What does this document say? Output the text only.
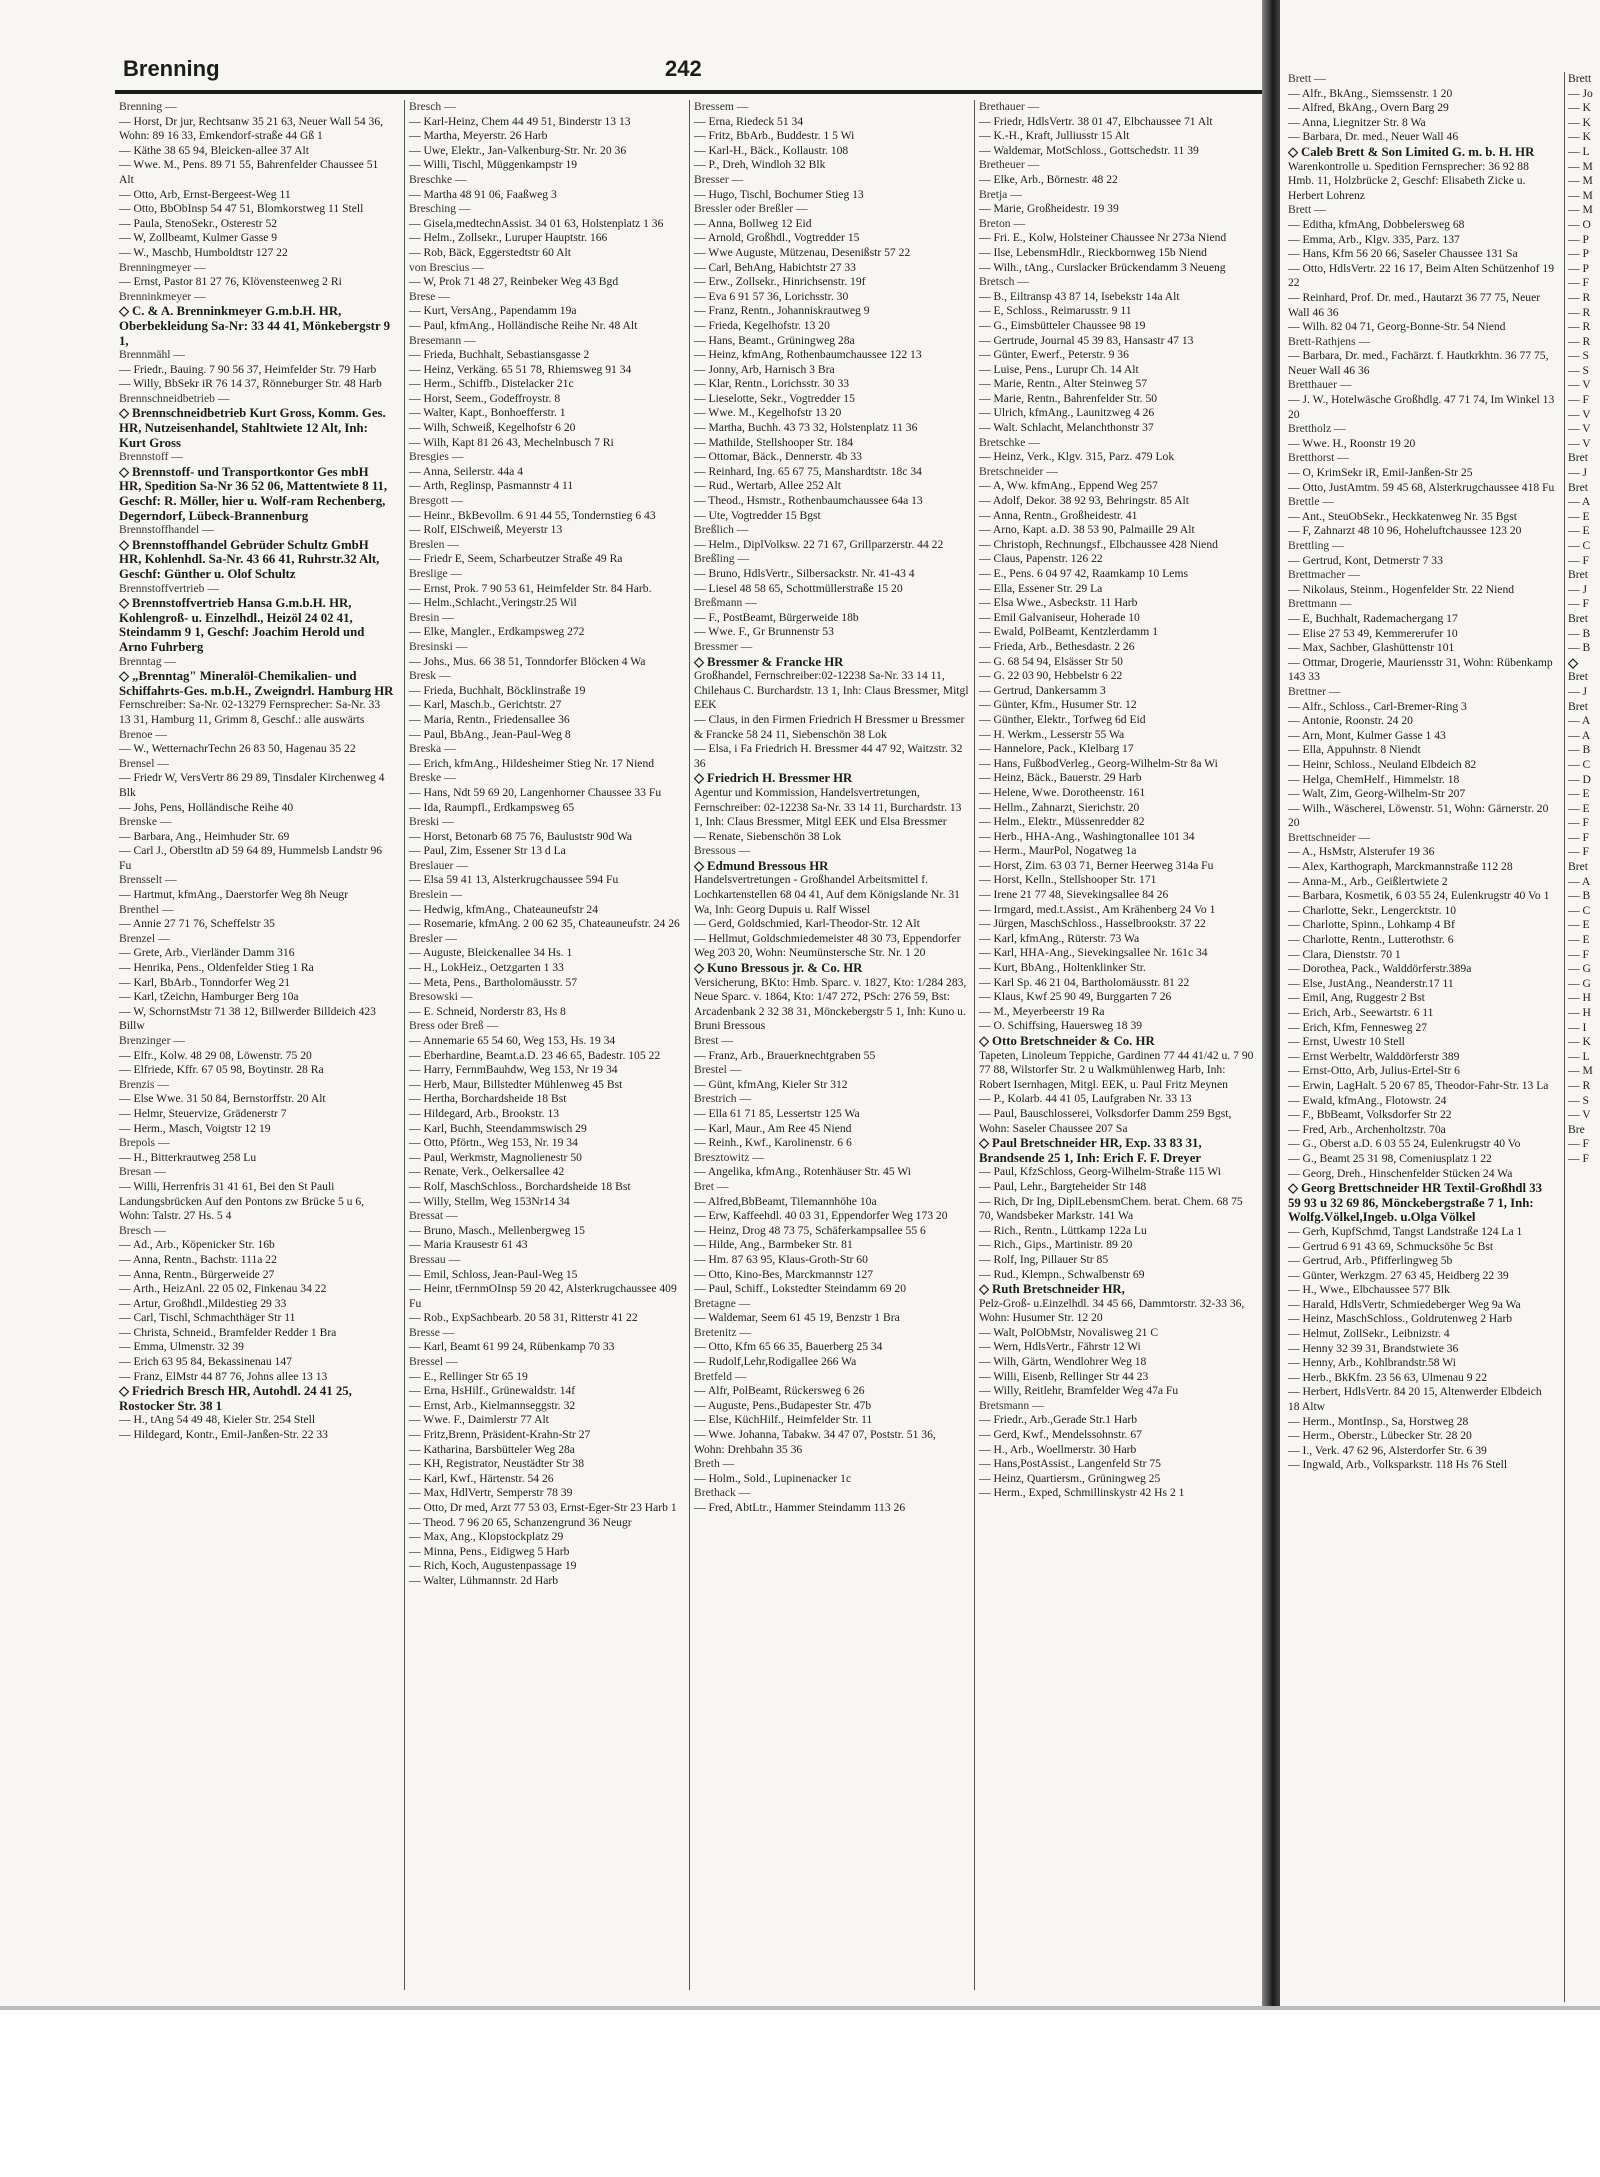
Brenning	242
Brenning —
— Horst, Dr jur, Rechtsanw 35 21 63, Neuer Wall 54 36,
Wohn: 89 16 33, Emkendorf-straße 44 Gß 1
— Käthe 38 65 94, Bleicken-allee 37 Alt
— Wwe. M., Pens. 89 71 55, Bahrenfelder Chaussee 51 Alt
— Otto, Arb, Ernst-Bergeest-Weg 11
— Otto, BbObInsp 54 47 51, Blomkorstweg 11 Stell
— Paula, StenoSekr., Osterestr 52
— W, Zollbeamt, Kulmer Gasse 9
— W., Maschb, Humboldtstr 127 22
Brenningmeyer —
— Ernst, Pastor 81 27 76, Klövensteenweg 2 Ri
Brenninkmeyer —
◇ C. & A. Brenninkmeyer G.m.b.H. HR, Oberbekleidung Sa-Nr: 33 44 41, Mönkebergstr 9 1,
Brennmähl —
— Friedr., Bauing. 7 90 56 37, Heimfelder Str. 79 Harb
— Willy, BbSekr iR 76 14 37, Rönneburger Str. 48 Harb
Brennschneidbetrieb —
◇ Brennschneidbetrieb Kurt Gross, Komm. Ges. HR, Nutzeisenhandel, Stahltwiete 12 Alt, Inh: Kurt Gross
Brennstoff —
◇ Brennstoff- und Transportkontor Ges mbH HR, Spedition Sa-Nr 36 52 06, Mattentwiete 8 11, Geschf: R. Möller, hier u. Wolf-ram Rechenberg, Degerndorf, Lübeck-Brannenburg
Brennstoffhandel —
◇ Brennstoffhandel Gebrüder Schultz GmbH HR, Kohlenhdl. Sa-Nr. 43 66 41, Ruhrstr.32 Alt, Geschf: Günther u. Olof Schultz
Brennstoffvertrieb —
◇ Brennstoffvertrieb Hansa G.m.b.H. HR, Kohlengroß- u. Einzelhdl., Heizöl 24 02 41, Steindamm 9 1, Geschf: Joachim Herold und Arno Fuhrberg
Brenntag —
◇ „Brenntag" Mineralöl-Chemikalien- und Schiffahrts-Ges. m.b.H., Zweigndrl. Hamburg HR
Fernschreiber: Sa-Nr. 02-13279 Fernsprecher: Sa-Nr. 33 13 31, Hamburg 11, Grimm 8, Geschf.: alle auswärts
Brenoe —
— W., WetternachrTechn 26 83 50, Hagenau 35 22
Brensel —
— Friedr W, VersVertr 86 29 89, Tinsdaler Kirchenweg 4 Blk
— Johs, Pens, Holländische Reihe 40
Brenske —
— Barbara, Ang., Heimhuder Str. 69
— Carl J., Oberstltn aD 59 64 89, Hummelsb Landstr 96 Fu
Brensselt —
— Hartmut, kfmAng., Daerstorfer Weg 8h Neugr
Brenthel —
— Annie 27 71 76, Scheffelstr 35
Brenzel —
— Grete, Arb., Vierländer Damm 316
— Henrika, Pens., Oldenfelder Stieg 1 Ra
— Karl, BbArb., Tonndorfer Weg 21
— Karl, tZeichn, Hamburger Berg 10a
— W, SchornstMstr 71 38 12, Billwerder Billdeich 423 Billw
Brenzinger —
— Elfr., Kolw. 48 29 08, Löwenstr. 75 20
— Elfriede, Kffr. 67 05 98, Boytinstr. 28 Ra
Brenzis —
— Else Wwe. 31 50 84, Bernstorffstr. 20 Alt
— Helmr, Steuervize, Grädenerstr 7
— Herm., Masch, Voigtstr 12 19
Brepols —
— H., Bitterkrautweg 258 Lu
Bresan —
— Willi, Herrenfris 31 41 61, Bei den St Pauli Landungsbrücken Auf den Pontons zw Brücke 5 u 6, Wohn: Talstr. 27 Hs. 5 4
Bresch —
— Ad., Arb., Köpenicker Str. 16b
— Anna, Rentn., Bachstr. 111a 22
— Anna, Rentn., Bürgerweide 27
— Arth., HeizAnl. 22 05 02, Finkenau 34 22
— Artur, Großhdl.,Mildestieg 29 33
— Carl, Tischl, Schmachthäger Str 11
— Christa, Schneid., Bramfelder Redder 1 Bra
— Emma, Ulmenstr. 32 39
— Erich 63 95 84, Bekassinenau 147
— Franz, ElMstr 44 87 76, Johns allee 13 13
◇ Friedrich Bresch HR, Autohdl. 24 41 25, Rostocker Str. 38 1
— H., tAng 54 49 48, Kieler Str. 254 Stell
— Hildegard, Kontr., Emil-Janßen-Str. 22 33
Bresch —
— Karl-Heinz, Chem 44 49 51, Binderstr 13 13
— Martha, Meyerstr. 26 Harb
— Uwe, Elektr., Jan-Valkenburg-Str. Nr. 20 36
— Willi, Tischl, Müggenkampstr 19
Breschke —
— Martha 48 91 06, Faaßweg 3
Bresching —
— Gisela,medtechnAssist. 34 01 63, Holstenplatz 1 36
— Helm., Zollsekr., Luruper Hauptstr. 166
— Rob, Bäck, Eggerstedtstr 60 Alt
von Brescius —
— W, Prok 71 48 27, Reinbeker Weg 43 Bgd
Brese —
— Kurt, VersAng., Papendamm 19a
— Paul, kfmAng., Holländische Reihe Nr. 48 Alt
Bresemann —
— Frieda, Buchhalt, Sebastiansgasse 2
— Heinz, Verkäng. 65 51 78, Rhiemsweg 91 34
— Herm., Schiffb., Distelacker 21c
— Horst, Seem., Godeffroystr. 8
— Walter, Kapt., Bonhoefferstr. 1
— Wilh, Schweiß, Kegelhofstr 6 20
— Wilh, Kapt 81 26 43, Mechelnbusch 7 Ri
Bresgies —
— Anna, Seilerstr. 44a 4
— Arth, Reglinsp, Pasmannstr 4 11
Bresgott —
— Heinr., BkBevollm. 6 91 44 55, Tondernstieg 6 43
— Rolf, ElSchweiß, Meyerstr 13
Breslen —
— Friedr E, Seem, Scharbeutzer Straße 49 Ra
Breslige —
— Ernst, Prok. 7 90 53 61, Heimfelder Str. 84 Harb.
— Helm.,Schlacht.,Veringstr.25 Wil
Bresin —
— Elke, Mangler., Erdkampsweg 272
Bresinski —
— Johs., Mus. 66 38 51, Tonndorfer Blöcken 4 Wa
Bresk —
— Frieda, Buchhalt, Böcklinstraße 19
— Karl, Masch.b., Gerichtstr. 27
— Maria, Rentn., Friedensallee 36
— Paul, BbAng., Jean-Paul-Weg 8
Breska —
— Erich, kfmAng., Hildesheimer Stieg Nr. 17 Niend
Breske —
— Hans, Ndt 59 69 20, Langenhorner Chaussee 33 Fu
— Ida, Raumpfl., Erdkampsweg 65
Breski —
— Horst, Betonarb 68 75 76, Bauluststr 90d Wa
— Paul, Zim, Essener Str 13 d La
Breslauer —
— Elsa 59 41 13, Alsterkrugchaussee 594 Fu
Breslein —
— Hedwig, kfmAng., Chateauneufstr 24
— Rosemarie, kfmAng. 2 00 62 35, Chateauneufstr. 24 26
Bresler —
— Auguste, Bleickenallee 34 Hs. 1
— H., LokHeiz., Oetzgarten 1 33
— Meta, Pens., Bartholomäusstr. 57
Bresowski —
— E. Schneid, Norderstr 83, Hs 8
Bress oder Breß —
— Annemarie 65 54 60, Weg 153, Hs. 19 34
— Eberhardine, Beamt.a.D. 23 46 65, Badestr. 105 22
— Harry, FernmBauhdw, Weg 153, Nr 19 34
— Herb, Maur, Billstedter Mühlenweg 45 Bst
— Hertha, Borchardsheide 18 Bst
— Hildegard, Arb., Brookstr. 13
— Karl, Buchh, Steendammswisch 29
— Otto, Pförtn., Weg 153, Nr. 19 34
— Paul, Werkmstr, Magnolienestr 50
— Renate, Verk., Oelkersallee 42
— Rolf, MaschSchloss., Borchardsheide 18 Bst
— Willy, Stellm, Weg 153Nr14 34
Bressat —
— Bruno, Masch., Mellenbergweg 15
— Maria Krausestr 61 43
Bressau —
— Emil, Schloss, Jean-Paul-Weg 15
— Heinr, tFernmOInsp 59 20 42, Alsterkrugchaussee 409 Fu
— Rob., ExpSachbearb. 20 58 31, Ritterstr 41 22
Bresse —
— Karl, Beamt 61 99 24, Rübenkamp 70 33
Bressel —
— E., Rellinger Str 65 19
— Erna, HsHilf., Grünewaldstr. 14f
— Ernst, Arb., Kielmannseggstr. 32
— Wwe. F., Daimlerstr 77 Alt
— Fritz,Brenn, Präsident-Krahn-Str 27
— Katharina, Barsbütteler Weg 28a
— KH, Registrator, Neustädter Str 38
— Karl, Kwf., Härtenstr. 54 26
— Max, HdlVertr, Semperstr 78 39
— Otto, Dr med, Arzt 77 53 03, Ernst-Eger-Str 23 Harb 1
— Theod. 7 96 20 65, Schanzengrund 36 Neugr
— Max, Ang., Klopstockplatz 29
— Minna, Pens., Eidigweg 5 Harb
— Rich, Koch, Augustenpassage 19
— Walter, Lühmannstr. 2d Harb
Bressem —
— Erna, Riedeck 51 34
— Fritz, BbArb., Buddestr. 1 5 Wi
— Karl-H., Bäck., Kollaustr. 108
— P., Dreh, Windloh 32 Blk
Bresser —
— Hugo, Tischl, Bochumer Stieg 13
Bressler oder Breßler —
— Anna, Bollweg 12 Eid
— Arnold, Großhdl., Vogtredder 15
— Wwe Auguste, Mützenau, Desenißstr 57 22
— Carl, BehAng, Habichtstr 27 33
— Erw., Zollsekr., Hinrichsenstr. 19f
— Eva 6 91 57 36, Lorichsstr. 30
— Franz, Rentn., Johanniskrautweg 9
— Frieda, Kegelhofstr. 13 20
— Hans, Beamt., Grüningweg 28a
— Heinz, kfmAng, Rothenbaumchaussee 122 13
— Jonny, Arb, Harnisch 3 Bra
— Klar, Rentn., Lorichsstr. 30 33
— Lieselotte, Sekr., Vogtredder 15
— Wwe. M., Kegelhofstr 13 20
— Martha, Buchh. 43 73 32, Holstenplatz 11 36
— Mathilde, Stellshooper Str. 184
— Ottomar, Bäck., Dennerstr. 4b 33
— Reinhard, Ing. 65 67 75, Manshardtstr. 18c 34
— Rud., Wertarb, Allee 252 Alt
— Theod., Hsmstr., Rothenbaumchaussee 64a 13
— Ute, Vogtredder 15 Bgst
Breßlich —
— Helm., DiplVolksw. 22 71 67, Grillparzerstr. 44 22
Breßling —
— Bruno, HdlsVertr., Silbersackstr. Nr. 41-43 4
— Liesel 48 58 65, Schottmüllerstraße 15 20
Breßmann —
— F., PostBeamt, Bürgerweide 18b
— Wwe. F., Gr Brunnenstr 53
Bressmer —
◇ Bressmer & Francke HR
Großhandel, Fernschreiber:02-12238 Sa-Nr. 33 14 11, Chilehaus C. Burchardstr. 13 1, Inh: Claus Bressmer, Mitgl EEK
— Claus, in den Firmen Friedrich H Bressmer u Bressmer & Francke 58 24 11, Siebenschön 38 Lok
— Elsa, i Fa Friedrich H. Bressmer 44 47 92, Waitzstr. 32 36
◇ Friedrich H. Bressmer HR
Agentur und Kommission, Handelsvertretungen, Fernschreiber: 02-12238 Sa-Nr. 33 14 11, Burchardstr. 13 1, Inh: Claus Bressmer, Mitgl EEK und Elsa Bressmer
— Renate, Siebenschön 38 Lok
Bressous —
◇ Edmund Bressous HR
Handelsvertretungen - Großhandel Arbeitsmittel f. Lochkartenstellen 68 04 41, Auf dem Königslande Nr. 31 Wa, Inh: Georg Dupuis u. Ralf Wissel
— Gerd, Goldschmied, Karl-Theodor-Str. 12 Alt
— Hellmut, Goldschmiedemeister 48 30 73, Eppendorfer Weg 203 20, Wohn: Neumünstersche Str. Nr. 1 20
◇ Kuno Bressous jr. & Co. HR
Versicherung, BKto: Hmb. Sparc. v. 1827, Kto: 1/284 283, Neue Sparc. v. 1864, Kto: 1/47 272, PSch: 276 59, Bst: Arcadenbank 2 32 38 31, Mönckebergstr 5 1, Inh: Kuno u. Bruni Bressous
Brest —
— Franz, Arb., Brauerknechtgraben 55
Brestel —
— Günt, kfmAng, Kieler Str 312
Brestrich —
— Ella 61 71 85, Lessertstr 125 Wa
— Karl, Maur., Am Ree 45 Niend
— Reinh., Kwf., Karolinenstr. 6 6
Bresztowitz —
— Angelika, kfmAng., Rotenhäuser Str. 45 Wi
Bret —
— Alfred,BbBeamt, Tilemannhöhe 10a
— Erw, Kaffeehdl. 40 03 31, Eppendorfer Weg 173 20
— Heinz, Drog 48 73 75, Schäferkampsallee 55 6
— Hilde, Ang., Barmbeker Str. 81
— Hm. 87 63 95, Klaus-Groth-Str 60
— Otto, Kino-Bes, Marckmannstr 127
— Paul, Schiff., Lokstedter Steindamm 69 20
Bretagne —
— Waldemar, Seem 61 45 19, Benzstr 1 Bra
Bretenitz —
— Otto, Kfm 65 66 35, Bauerberg 25 34
— Rudolf,Lehr,Rodigallee 266 Wa
Bretfeld —
— Alfr, PolBeamt, Rückersweg 6 26
— Auguste, Pens.,Budapester Str. 47b
— Else, KüchHilf., Heimfelder Str. 11
— Wwe. Johanna, Tabakw. 34 47 07, Poststr. 51 36, Wohn: Drehbahn 35 36
Breth —
— Holm., Sold., Lupinenacker 1c
Brethack —
— Fred, AbtLtr., Hammer Steindamm 113 26
Brethauer —
— Friedr, HdlsVertr. 38 01 47, Elbchaussee 71 Alt
— K.-H., Kraft, Julliusstr 15 Alt
— Waldemar, MotSchloss., Gottschedstr. 11 39
Bretheuer —
— Elke, Arb., Börnestr. 48 22
Bretja —
— Marie, Großheidestr. 19 39
Breton —
— Fri. E., Kolw, Holsteiner Chaussee Nr 273a Niend
— Ilse, LebensmHdlr., Rieckbornweg 15b Niend
— Wilh., tAng., Curslacker Brückendamm 3 Neueng
Bretsch —
— B., Eiltransp 43 87 14, Isebekstr 14a Alt
— E, Schloss., Reimarusstr. 9 11
— G., Eimsbütteler Chaussee 98 19
— Gertrude, Journal 45 39 83, Hansastr 47 13
— Günter, Ewerf., Peterstr. 9 36
— Luise, Pens., Lurupr Ch. 14 Alt
— Marie, Rentn., Alter Steinweg 57
— Marie, Rentn., Bahrenfelder Str. 50
— Ulrich, kfmAng., Launitzweg 4 26
— Walt. Schlacht, Melanchthonstr 37
Bretschke —
— Heinz, Verk., Klgv. 315, Parz. 479 Lok
Bretschneider —
— A, Ww. kfmAng., Eppend Weg 257
— Adolf, Dekor. 38 92 93, Behringstr. 85 Alt
— Anna, Rentn., Großheidestr. 41
— Arno, Kapt. a.D. 38 53 90, Palmaille 29 Alt
— Christoph, Rechnungsf., Elbchaussee 428 Niend
— Claus, Papenstr. 126 22
— E., Pens. 6 04 97 42, Raamkamp 10 Lems
— Ella, Essener Str. 29 La
— Elsa Wwe., Asbeckstr. 11 Harb
— Emil Galvaniseur, Hoherade 10
— Ewald, PolBeamt, Kentzlerdamm 1
— Frieda, Arb., Bethesdastr. 2 26
— G. 68 54 94, Elsässer Str 50
— G. 22 03 90, Hebbelstr 6 22
— Gertrud, Dankersamm 3
— Günter, Kfm., Husumer Str. 12
— Günther, Elektr., Torfweg 6d Eid
— H. Werkm., Lesserstr 55 Wa
— Hannelore, Pack., Klelbarg 17
— Hans, FußbodVerleg., Georg-Wilhelm-Str 8a Wi
— Heinz, Bäck., Bauerstr. 29 Harb
— Helene, Wwe. Dorotheenstr. 161
— Hellm., Zahnarzt, Sierichstr. 20
— Helm., Elektr., Müssenredder 82
— Herb., HHA-Ang., Washingtonallee 101 34
— Herm., MaurPol, Nogatweg 1a
— Horst, Zim. 63 03 71, Berner Heerweg 314a Fu
— Horst, Kelln., Stellshooper Str. 171
— Irene 21 77 48, Sievekingsallee 84 26
— Irmgard, med.t.Assist., Am Krähenberg 24 Vo 1
— Jürgen, MaschSchloss., Hasselbrookstr. 37 22
— Karl, kfmAng., Rüterstr. 73 Wa
— Karl, HHA-Ang., Sievekingsallee Nr. 161c 34
— Kurt, BbAng., Holtenklinker Str.
— Karl Sp. 46 21 04, Bartholomäusstr. 81 22
— Klaus, Kwf 25 90 49, Burggarten 7 26
— M., Meyerbeerstr 19 Ra
— O. Schiffsing, Hauersweg 18 39
◇ Otto Bretschneider & Co. HR
Tapeten, Linoleum Teppiche, Gardinen 77 44 41/42 u. 7 90 77 88, Wilstorfer Str. 2 u Walkmühlenweg Harb, Inh: Robert Isernhagen, Mitgl. EEK, u. Paul Fritz Meynen
— P., Kolarb. 44 41 05, Laufgraben Nr. 33 13
— Paul, Bauschlosserei, Volksdorfer Damm 259 Bgst, Wohn: Saseler Chaussee 207 Sa
◇ Paul Bretschneider HR, Exp. 33 83 31, Brandsende 25 1, Inh: Erich F. F. Dreyer
— Paul, KfzSchloss, Georg-Wilhelm-Straße 115 Wi
— Paul, Lehr., Bargteheider Str 148
— Rich, Dr Ing, DiplLebensmChem. berat. Chem. 68 75 70, Wandsbeker Markstr. 141 Wa
— Rich., Rentn., Lüttkamp 122a Lu
— Rich., Gips., Martinistr. 89 20
— Rolf, Ing, Pillauer Str 85
— Rud., Klempn., Schwalbenstr 69
◇ Ruth Bretschneider HR,
Pelz-Groß- u.Einzelhdl. 34 45 66, Dammtorstr. 32-33 36, Wohn: Husumer Str. 12 20
— Walt, PolObMstr, Novalisweg 21 C
— Wern, HdlsVertr., Fährstr 12 Wi
— Wilh, Gärtn, Wendlohrer Weg 18
— Willi, Eisenb, Rellinger Str 44 23
— Willy, Reitlehr, Bramfelder Weg 47a Fu
Bretsmann —
— Friedr., Arb.,Gerade Str.1 Harb
— Gerd, Kwf., Mendelssohnstr. 67
— H., Arb., Woellmerstr. 30 Harb
— Hans,PostAssist., Langenfeld Str 75
— Heinz, Quartiersm., Grüningweg 25
— Herm., Exped, Schmillinskystr 42 Hs 2 1
Brett —
— Alfr., BkAng., Siemssenstr. 1 20
— Alfred, BkAng., Overn Barg 29
— Anna, Liegnitzer Str. 8 Wa
— Barbara, Dr. med., Neuer Wall 46
◇ Caleb Brett & Son Limited G. m. b. H. HR
Warenkontrolle u. Spedition Fernsprecher: 36 92 88 Hmb. 11, Holzbrücke 2, Geschf: Elisabeth Zicke u. Herbert Lohrenz
Brett —
— Editha, kfmAng, Dobbelersweg 68
— Emma, Arb., Klgv. 335, Parz. 137
— Hans, Kfm 56 20 66, Saseler Chaussee 131 Sa
— Otto, HdlsVertr. 22 16 17, Beim Alten Schützenhof 19 22
— Reinhard, Prof. Dr. med., Hautarzt 36 77 75, Neuer Wall 46 36
— Wilh. 82 04 71, Georg-Bonne-Str. 54 Niend
Brett-Rathjens —
— Barbara, Dr. med., Fachärzt. f. Hautkrkhtn. 36 77 75, Neuer Wall 46 36
Bretthauer —
— J. W., Hotelwäsche Großhdlg. 47 71 74, Im Winkel 13 20
Brettholz —
— Wwe. H., Roonstr 19 20
Bretthorst —
— O, KrimSekr iR, Emil-Janßen-Str 25
— Otto, JustAmtm. 59 45 68, Alsterkrugchaussee 418 Fu
Brettle —
— Ant., SteuObSekr., Heckkatenweg Nr. 35 Bgst
— F, Zahnarzt 48 10 96, Hoheluftchaussee 123 20
Brettling —
— Gertrud, Kont, Detmerstr 7 33
Brettmacher —
— Nikolaus, Steinm., Hogenfelder Str. 22 Niend
Brettmann —
— E, Buchhalt, Rademachergang 17
— Elise 27 53 49, Kemmererufer 10
— Max, Sachber, Glashüttenstr 101
— Ottmar, Drogerie, Mauriensstr 31, Wohn: Rübenkamp 143 33
Brettner —
— Alfr., Schloss., Carl-Bremer-Ring 3
— Antonie, Roonstr. 24 20
— Arn, Mont, Kulmer Gasse 1 43
— Ella, Appuhnstr. 8 Niendt
— Heinr, Schloss., Neuland Elbdeich 82
— Helga, ChemHelf., Himmelstr. 18
— Walt, Zim, Georg-Wilhelm-Str 207
— Wilh., Wäscherei, Löwenstr. 51, Wohn: Gärnerstr. 20 20
Brettschneider —
— A., HsMstr, Alsterufer 19 36
— Alex, Karthograph, Marckmannstraße 112 28
— Anna-M., Arb., Geißlertwiete 2
— Barbara, Kosmetik, 6 03 55 24, Eulenkrugstr 40 Vo 1
— Charlotte, Sekr., Lengercktstr. 10
— Charlotte, Spinn., Lohkamp 4 Bf
— Charlotte, Rentn., Lutterothstr. 6
— Clara, Dienststr. 70 1
— Dorothea, Pack., Walddörferstr.389a
— Else, JustAng., Neanderstr.17 11
— Emil, Ang, Ruggestr 2 Bst
— Erich, Arb., Seewartstr. 6 11
— Erich, Kfm, Fennesweg 27
— Ernst, Uwestr 10 Stell
— Ernst Werbeltr, Walddörferstr 389
— Ernst-Otto, Arb, Julius-Ertel-Str 6
— Erwin, LagHalt. 5 20 67 85, Theodor-Fahr-Str. 13 La
— Ewald, kfmAng., Flotowstr. 24
— F., BbBeamt, Volksdorfer Str 22
— Fred, Arb., Archenholtzstr. 70a
— G., Oberst a.D. 6 03 55 24, Eulenkrugstr 40 Vo
— G., Beamt 25 31 98, Comeniusplatz 1 22
— Georg, Dreh., Hinschenfelder Stücken 24 Wa
◇ Georg Brettschneider HR Textil-Großhdl 33 59 93 u 32 69 86, Mönckebergstraße 7 1, Inh: Wolfg.Völkel,Ingeb. u.Olga Völkel
— Gerh, KupfSchmd, Tangst Landstraße 124 La 1
— Gertrud 6 91 43 69, Schmucksöhe 5c Bst
— Gertrud, Arb., Pfifferlingweg 5b
— Günter, Werkzgm. 27 63 45, Heidberg 22 39
— H., Wwe., Elbchaussee 577 Blk
— Harald, HdlsVertr, Schmiedeberger Weg 9a Wa
— Heinz, MaschSchloss., Goldrutenweg 2 Harb
— Helmut, ZollSekr., Leibnizstr. 4
— Henny 32 39 31, Brandstwiete 36
— Henny, Arb., Kohlbrandstr.58 Wi
— Herb., BkKfm. 23 56 63, Ulmenau 9 22
— Herbert, HdlsVertr. 84 20 15, Altenwerder Elbdeich 18 Altw
— Herm., MontInsp., Sa, Horstweg 28
— Herm., Oberstr., Lübecker Str. 28 20
— I., Verk. 47 62 96, Alsterdorfer Str. 6 39
— Ingwald, Arb., Volksparkstr. 118 Hs 76 Stell
Brett
— Jo
— K
— K
— K
— L
— M
— M
— M
— M
— O
— P
— P
— P
— F
— R
— R
— R
— R
— S
— S
— V
— F
— V
— V
— V
Bret
— J
Bret
— A
— E
— E
— C
— F
Bret
— J
— F
Bret
— B
— B
◇
Bret
— J
Bret
— A
— A
— B
— C
— D
— E
— E
— F
— F
— F
Bret
— A
— B
— C
— E
— E
— F
— G
— G
— H
— H
— I
— K
— L
— M
— R
— S
— V
Bre
— F
— F
